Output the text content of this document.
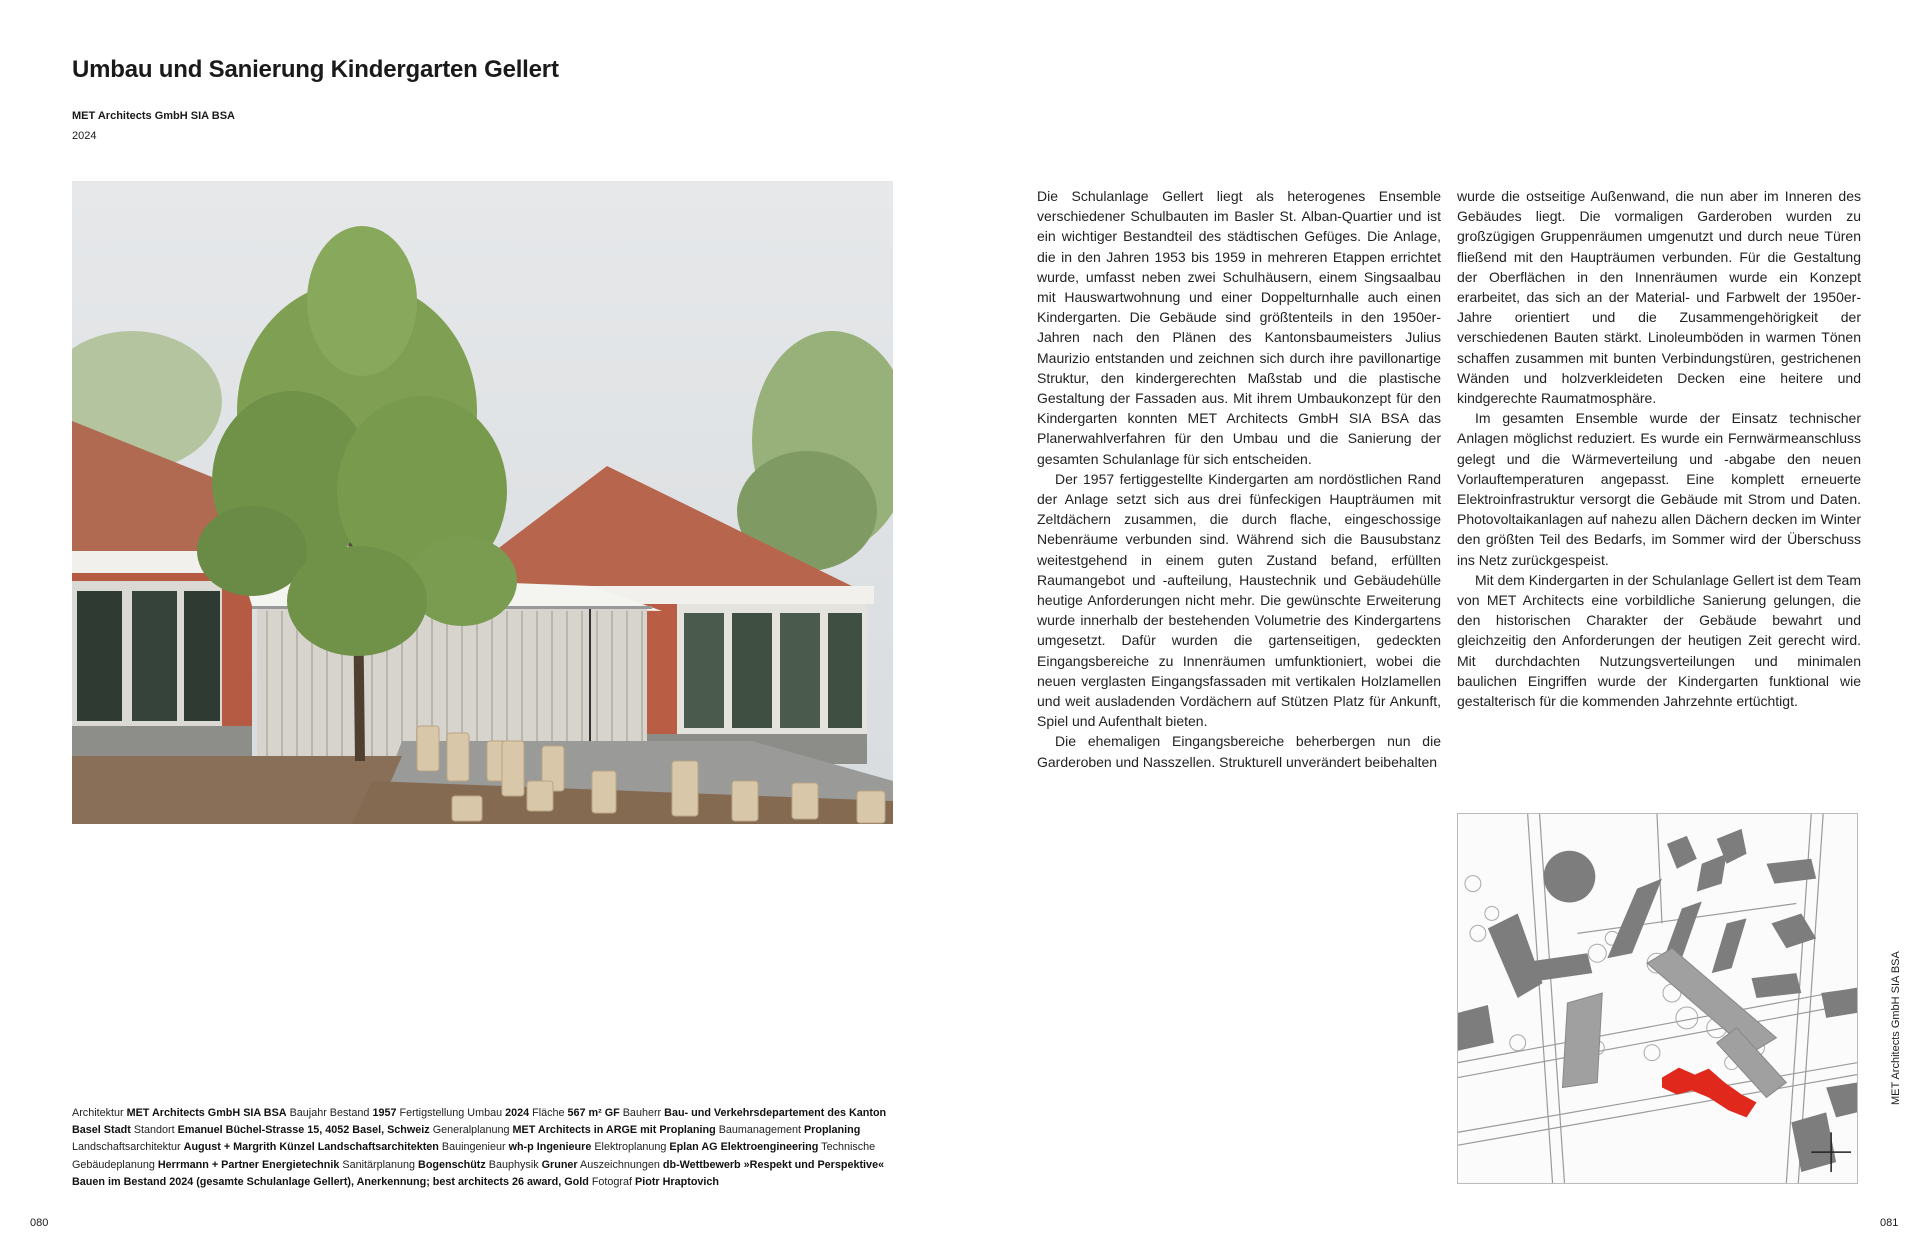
Umbau und Sanierung Kindergarten Gellert
MET Architects GmbH SIA BSA
2024

Die Schulanlage Gellert liegt als heterogenes Ensemble verschiedener Schulbauten im Basler St. Alban-Quartier und ist ein wichtiger Bestandteil des städtischen Gefüges. Die Anlage, die in den Jahren 1953 bis 1959 in mehreren Etappen errichtet wurde, umfasst neben zwei Schulhäusern, einem Singsaalbau mit Hauswartwohnung und einer Doppelturnhalle auch einen Kindergarten. Die Gebäude sind größtenteils in den 1950er-Jahren nach den Plänen des Kantonsbaumeisters Julius Maurizio entstanden und zeichnen sich durch ihre pavillonartige Struktur, den kindergerechten Maßstab und die plastische Gestaltung der Fassaden aus. Mit ihrem Umbaukonzept für den Kindergarten konnten MET Architects GmbH SIA BSA das Planerwahlverfahren für den Umbau und die Sanierung der gesamten Schulanlage für sich entscheiden.

Der 1957 fertiggestellte Kindergarten am nordöstlichen Rand der Anlage setzt sich aus drei fünfeckigen Haupträumen mit Zeltdächern zusammen, die durch flache, eingeschossige Nebenräume verbunden sind. Während sich die Bausubstanz weitestgehend in einem guten Zustand befand, erfüllten Raumangebot und -aufteilung, Haustechnik und Gebäudehülle heutige Anforderungen nicht mehr. Die gewünschte Erweiterung wurde innerhalb der bestehenden Volumetrie des Kindergartens umgesetzt. Dafür wurden die gartenseitigen, gedeckten Eingangsbereiche zu Innenräumen umfunktioniert, wobei die neuen verglasten Eingangsfassaden mit vertikalen Holzlamellen und weit ausladenden Vordächern auf Stützen Platz für Ankunft, Spiel und Aufenthalt bieten.

Die ehemaligen Eingangsbereiche beherbergen nun die Garderoben und Nasszellen. Strukturell unverändert beibehalten

wurde die ostseitige Außenwand, die nun aber im Inneren des Gebäudes liegt. Die vormaligen Garderoben wurden zu großzügigen Gruppenräumen umgenutzt und durch neue Türen fließend mit den Haupträumen verbunden. Für die Gestaltung der Oberflächen in den Innenräumen wurde ein Konzept erarbeitet, das sich an der Material- und Farbwelt der 1950er-Jahre orientiert und die Zusammengehörigkeit der verschiedenen Bauten stärkt. Linoleumböden in warmen Tönen schaffen zusammen mit bunten Verbindungstüren, gestrichenen Wänden und holzverkleideten Decken eine heitere und kindgerechte Raumatmosphäre.

Im gesamten Ensemble wurde der Einsatz technischer Anlagen möglichst reduziert. Es wurde ein Fernwärmeanschluss gelegt und die Wärmeverteilung und -abgabe den neuen Vorlauftemperaturen angepasst. Eine komplett erneuerte Elektroinfrastruktur versorgt die Gebäude mit Strom und Daten. Photovoltaikanlagen auf nahezu allen Dächern decken im Winter den größten Teil des Bedarfs, im Sommer wird der Überschuss ins Netz zurückgespeist.

Mit dem Kindergarten in der Schulanlage Gellert ist dem Team von MET Architects eine vorbildliche Sanierung gelungen, die den historischen Charakter der Gebäude bewahrt und gleichzeitig den Anforderungen der heutigen Zeit gerecht wird. Mit durchdachten Nutzungsverteilungen und minimalen baulichen Eingriffen wurde der Kindergarten funktional wie gestalterisch für die kommenden Jahrzehnte ertüchtigt.

Architektur MET Architects GmbH SIA BSA Baujahr Bestand 1957 Fertigstellung Umbau 2024 Fläche 567 m² GF Bauherr Bau- und Verkehrsdepartement des Kanton Basel Stadt Standort Emanuel Büchel-Strasse 15, 4052 Basel, Schweiz Generalplanung MET Architects in ARGE mit Proplaning Baumanagement Proplaning Landschaftsarchitektur August + Margrith Künzel Landschaftsarchitekten Bauingenieur wh-p Ingenieure Elektroplanung Eplan AG Elektroengineering Technische Gebäudeplanung Herrmann + Partner Energietechnik Sanitärplanung Bogenschütz Bauphysik Gruner Auszeichnungen db-Wettbewerb »Respekt und Perspektive« Bauen im Bestand 2024 (gesamte Schulanlage Gellert), Anerkennung; best architects 26 award, Gold Fotograf Piotr Hraptovich
MET Architects GmbH SIA BSA
080	081
